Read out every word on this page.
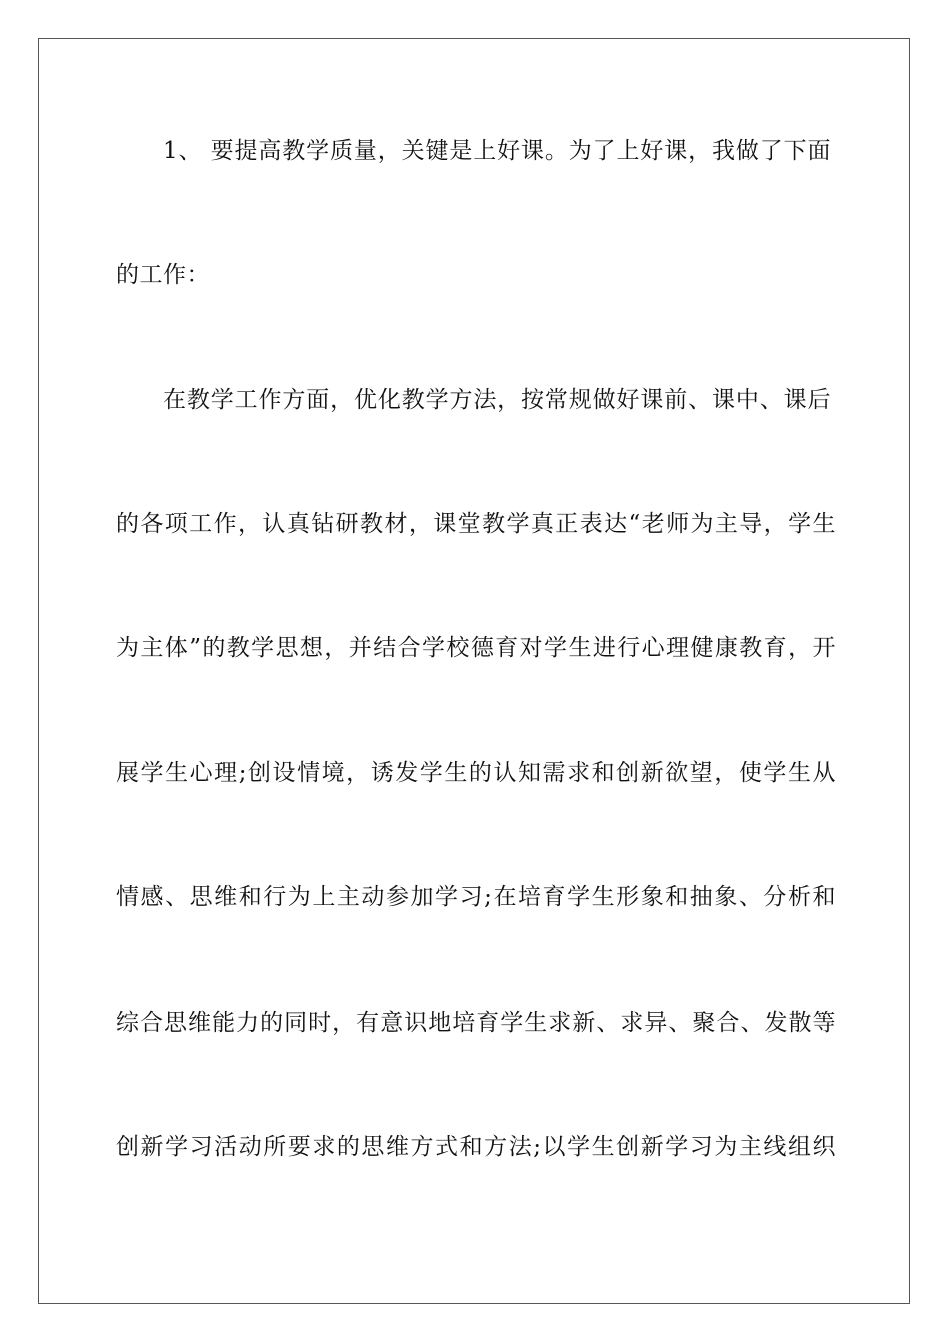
1、 要提高教学质量，关键是上好课。为了上好课，我做了下面
的工作：
在教学工作方面，优化教学方法，按常规做好课前、课中、课后
的各项工作，认真钻研教材，课堂教学真正表达“老师为主导，学生
为主体”的教学思想，并结合学校德育对学生进行心理健康教育，开
展学生心理;创设情境，诱发学生的认知需求和创新欲望，使学生从
情感、思维和行为上主动参加学习;在培育学生形象和抽象、分析和
综合思维能力的同时，有意识地培育学生求新、求异、聚合、发散等
创新学习活动所要求的思维方式和方法;以学生创新学习为主线组织
